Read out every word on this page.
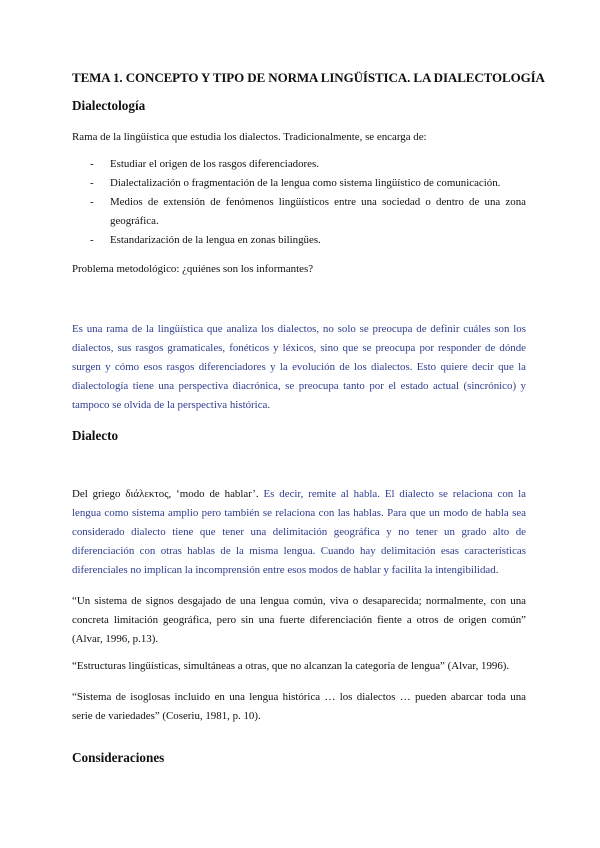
TEMA 1. CONCEPTO Y TIPO DE NORMA LINGÜÍSTICA. LA DIALECTOLOGÍA
Dialectología
Rama de la lingüística que estudia los dialectos. Tradicionalmente, se encarga de:
- Estudiar el origen de los rasgos diferenciadores.
- Dialectalización o fragmentación de la lengua como sistema lingüístico de comunicación.
- Medios de extensión de fenómenos lingüísticos entre una sociedad o dentro de una zona
geográfica.
- Estandarización de la lengua en zonas bilingües.
Problema metodológico: ¿quiénes son los informantes?
Es una rama de la lingüística que analiza los dialectos, no solo se preocupa de definir cuáles son los
dialectos, sus rasgos gramaticales, fonéticos y léxicos, sino que se preocupa por responder de dónde
surgen y cómo esos rasgos diferenciadores y la evolución de los dialectos. Esto quiere decir que la
dialectología tiene una perspectiva diacrónica, se preocupa tanto por el estado actual (sincrónico) y
tampoco se olvida de la perspectiva histórica.
Dialecto
Del griego διάλεκτος, ‘modo de hablar’. Es decir, remite al habla. El dialecto se relaciona con la
lengua como sistema amplio pero también se relaciona con las hablas. Para que un modo de habla sea
considerado dialecto tiene que tener una delimitación geográfica y no tener un grado alto de
diferenciación con otras hablas de la misma lengua. Cuando hay delimitación esas características
diferenciales no implican la incomprensión entre esos modos de hablar y facilita la intengibilidad.
“Un sistema de signos desgajado de una lengua común, viva o desaparecida; normalmente, con una
concreta limitación geográfica, pero sin una fuerte diferenciación fiente a otros de origen común”
(Alvar, 1996, p.13).
“Estructuras lingüísticas, simultáneas a otras, que no alcanzan la categoría de lengua” (Alvar, 1996).
“Sistema de isoglosas incluido en una lengua histórica … los dialectos … pueden abarcar toda una
serie de variedades” (Coseriu, 1981, p. 10).
Consideraciones
